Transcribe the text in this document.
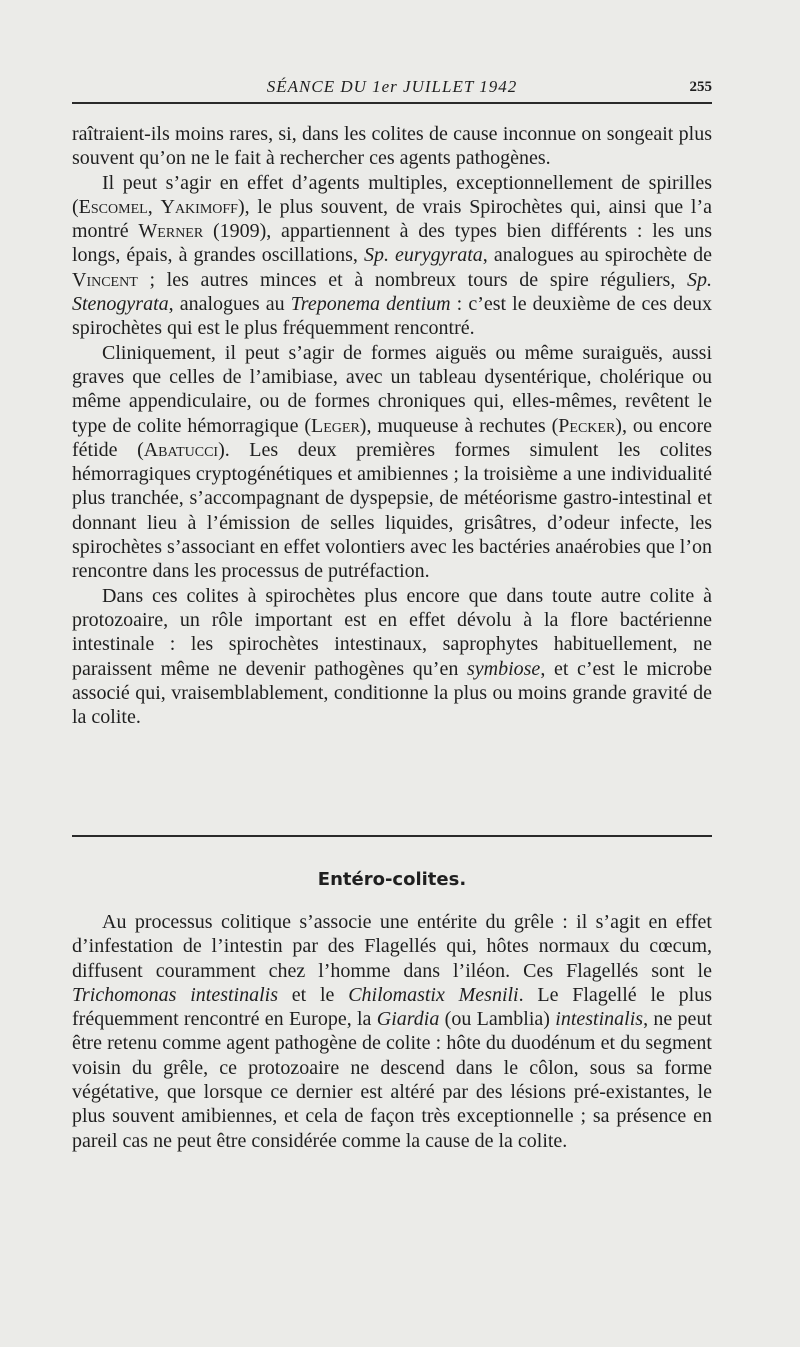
SÉANCE DU 1er JUILLET 1942	255

raîtraient-ils moins rares, si, dans les colites de cause inconnue on songeait plus souvent qu’on ne le fait à rechercher ces agents pathogènes.

Il peut s’agir en effet d’agents multiples, exceptionnellement de spirilles (Escomel, Yakimoff), le plus souvent, de vrais Spirochètes qui, ainsi que l’a montré Werner (1909), appartiennent à des types bien différents : les uns longs, épais, à grandes oscillations, Sp. eurygyrata, analogues au spirochète de Vincent ; les autres minces et à nombreux tours de spire réguliers, Sp. Stenogyrata, analogues au Treponema dentium : c’est le deuxième de ces deux spirochètes qui est le plus fréquemment rencontré.

Cliniquement, il peut s’agir de formes aiguës ou même suraiguës, aussi graves que celles de l’amibiase, avec un tableau dysentérique, cholérique ou même appendiculaire, ou de formes chroniques qui, elles-mêmes, revêtent le type de colite hémorragique (Leger), muqueuse à rechutes (Pecker), ou encore fétide (Abatucci). Les deux premières formes simulent les colites hémorragiques cryptogénétiques et amibiennes ; la troisième a une individualité plus tranchée, s’accompagnant de dyspepsie, de météorisme gastro-intestinal et donnant lieu à l’émission de selles liquides, grisâtres, d’odeur infecte, les spirochètes s’associant en effet volontiers avec les bactéries anaérobies que l’on rencontre dans les processus de putréfaction.

Dans ces colites à spirochètes plus encore que dans toute autre colite à protozoaire, un rôle important est en effet dévolu à la flore bactérienne intestinale : les spirochètes intestinaux, saprophytes habituellement, ne paraissent même ne devenir pathogènes qu’en symbiose, et c’est le microbe associé qui, vraisemblablement, conditionne la plus ou moins grande gravité de la colite.

Entéro-colites.

Au processus colitique s’associe une entérite du grêle : il s’agit en effet d’infestation de l’intestin par des Flagellés qui, hôtes normaux du cœcum, diffusent couramment chez l’homme dans l’iléon. Ces Flagellés sont le Trichomonas intestinalis et le Chilomastix Mesnili. Le Flagellé le plus fréquemment rencontré en Europe, la Giardia (ou Lamblia) intestinalis, ne peut être retenu comme agent pathogène de colite : hôte du duodénum et du segment voisin du grêle, ce protozoaire ne descend dans le côlon, sous sa forme végétative, que lorsque ce dernier est altéré par des lésions pré-existantes, le plus souvent amibiennes, et cela de façon très exceptionnelle ; sa présence en pareil cas ne peut être considérée comme la cause de la colite.
